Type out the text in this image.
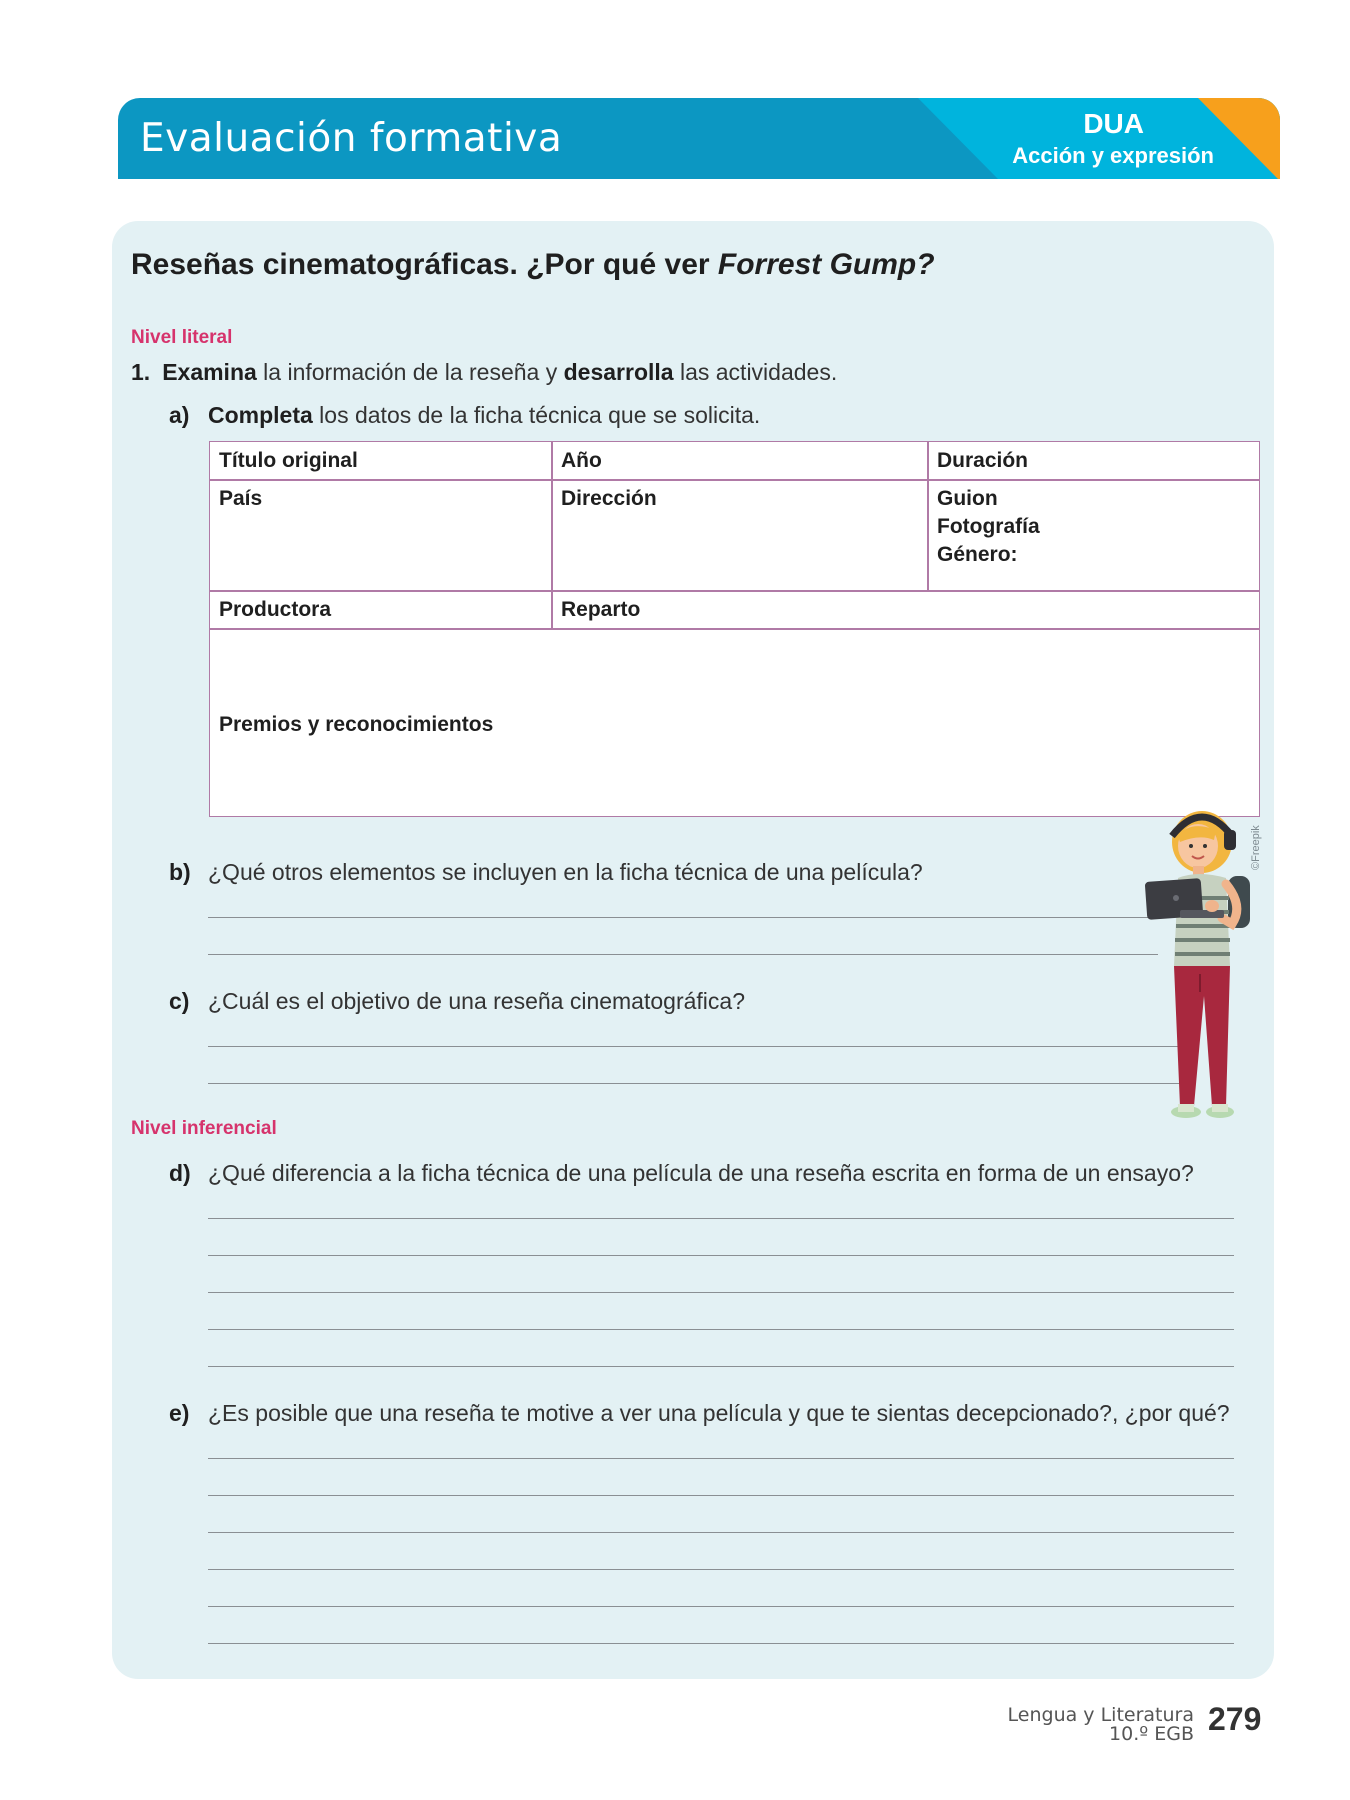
Evaluación formativa	DUA
Acción y expresión
Reseñas cinematográficas. ¿Por qué ver Forrest Gump?
Nivel literal
1. Examina la información de la reseña y desarrolla las actividades.
a) Completa los datos de la ficha técnica que se solicita.
Título original	Año	Duración
País	Dirección	Guion
Fotografía
Género:
Productora	Reparto
Premios y reconocimientos
b) ¿Qué otros elementos se incluyen en la ficha técnica de una película?
c) ¿Cuál es el objetivo de una reseña cinematográfica?
©Freepik
Nivel inferencial
d) ¿Qué diferencia a la ficha técnica de una película de una reseña escrita en forma de un ensayo?
e) ¿Es posible que una reseña te motive a ver una película y que te sientas decepcionado?, ¿por qué?
Lengua y Literatura
10.º EGB 279
